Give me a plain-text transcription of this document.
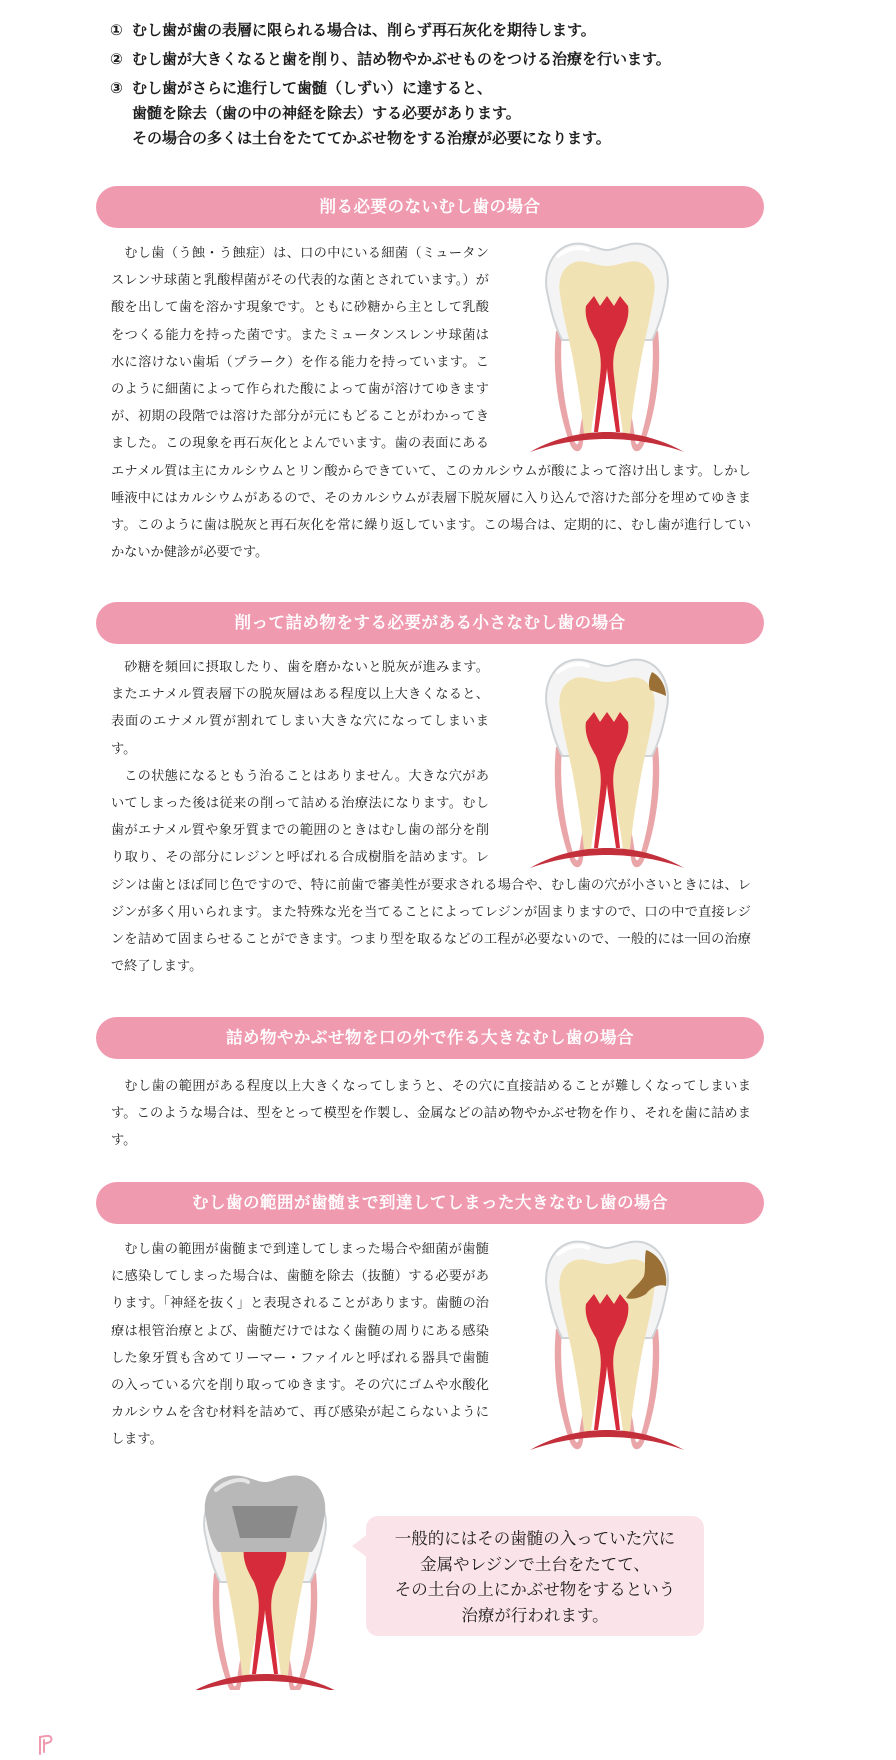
① むし歯が歯の表層に限られる場合は、削らず再石灰化を期待します。
② むし歯が大きくなると歯を削り、詰め物やかぶせものをつける治療を行います。
③ むし歯がさらに進行して歯髄（しずい）に達すると、
歯髄を除去（歯の中の神経を除去）する必要があります。
その場合の多くは土台をたててかぶせ物をする治療が必要になります。
削る必要のないむし歯の場合

むし歯（う蝕・う蝕症）は、口の中にいる細菌（ミュータンスレンサ球菌と乳酸桿菌がその代表的な菌とされています。）が酸を出して歯を溶かす現象です。ともに砂糖から主として乳酸をつくる能力を持った菌です。またミュータンスレンサ球菌は水に溶けない歯垢（プラーク）を作る能力を持っています。このように細菌によって作られた酸によって歯が溶けてゆきますが、初期の段階では溶けた部分が元にもどることがわかってきました。この現象を再石灰化とよんでいます。歯の表面にあるエナメル質は主にカルシウムとリン酸からできていて、このカルシウムが酸によって溶け出します。しかし唾液中にはカルシウムがあるので、そのカルシウムが表層下脱灰層に入り込んで溶けた部分を埋めてゆきます。このように歯は脱灰と再石灰化を常に繰り返しています。この場合は、定期的に、むし歯が進行していかないか健診が必要です。

削って詰め物をする必要がある小さなむし歯の場合

砂糖を頻回に摂取したり、歯を磨かないと脱灰が進みます。またエナメル質表層下の脱灰層はある程度以上大きくなると、表面のエナメル質が割れてしまい大きな穴になってしまいます。

この状態になるともう治ることはありません。大きな穴があいてしまった後は従来の削って詰める治療法になります。むし歯がエナメル質や象牙質までの範囲のときはむし歯の部分を削り取り、その部分にレジンと呼ばれる合成樹脂を詰めます。レジンは歯とほぼ同じ色ですので、特に前歯で審美性が要求される場合や、むし歯の穴が小さいときには、レジンが多く用いられます。また特殊な光を当てることによってレジンが固まりますので、口の中で直接レジンを詰めて固まらせることができます。つまり型を取るなどの工程が必要ないので、一般的には一回の治療で終了します。

詰め物やかぶせ物を口の外で作る大きなむし歯の場合

むし歯の範囲がある程度以上大きくなってしまうと、その穴に直接詰めることが難しくなってしまいます。このような場合は、型をとって模型を作製し、金属などの詰め物やかぶせ物を作り、それを歯に詰めます。

むし歯の範囲が歯髄まで到達してしまった大きなむし歯の場合

むし歯の範囲が歯髄まで到達してしまった場合や細菌が歯髄に感染してしまった場合は、歯髄を除去（抜髄）する必要があります。「神経を抜く」と表現されることがあります。歯髄の治療は根管治療とよび、歯髄だけではなく歯髄の周りにある感染した象牙質も含めてリーマー・ファイルと呼ばれる器具で歯髄の入っている穴を削り取ってゆきます。その穴にゴムや水酸化カルシウムを含む材料を詰めて、再び感染が起こらないようにします。

一般的にはその歯髄の入っていた穴に

金属やレジンで土台をたてて、

その土台の上にかぶせ物をするという

治療が行われます。
